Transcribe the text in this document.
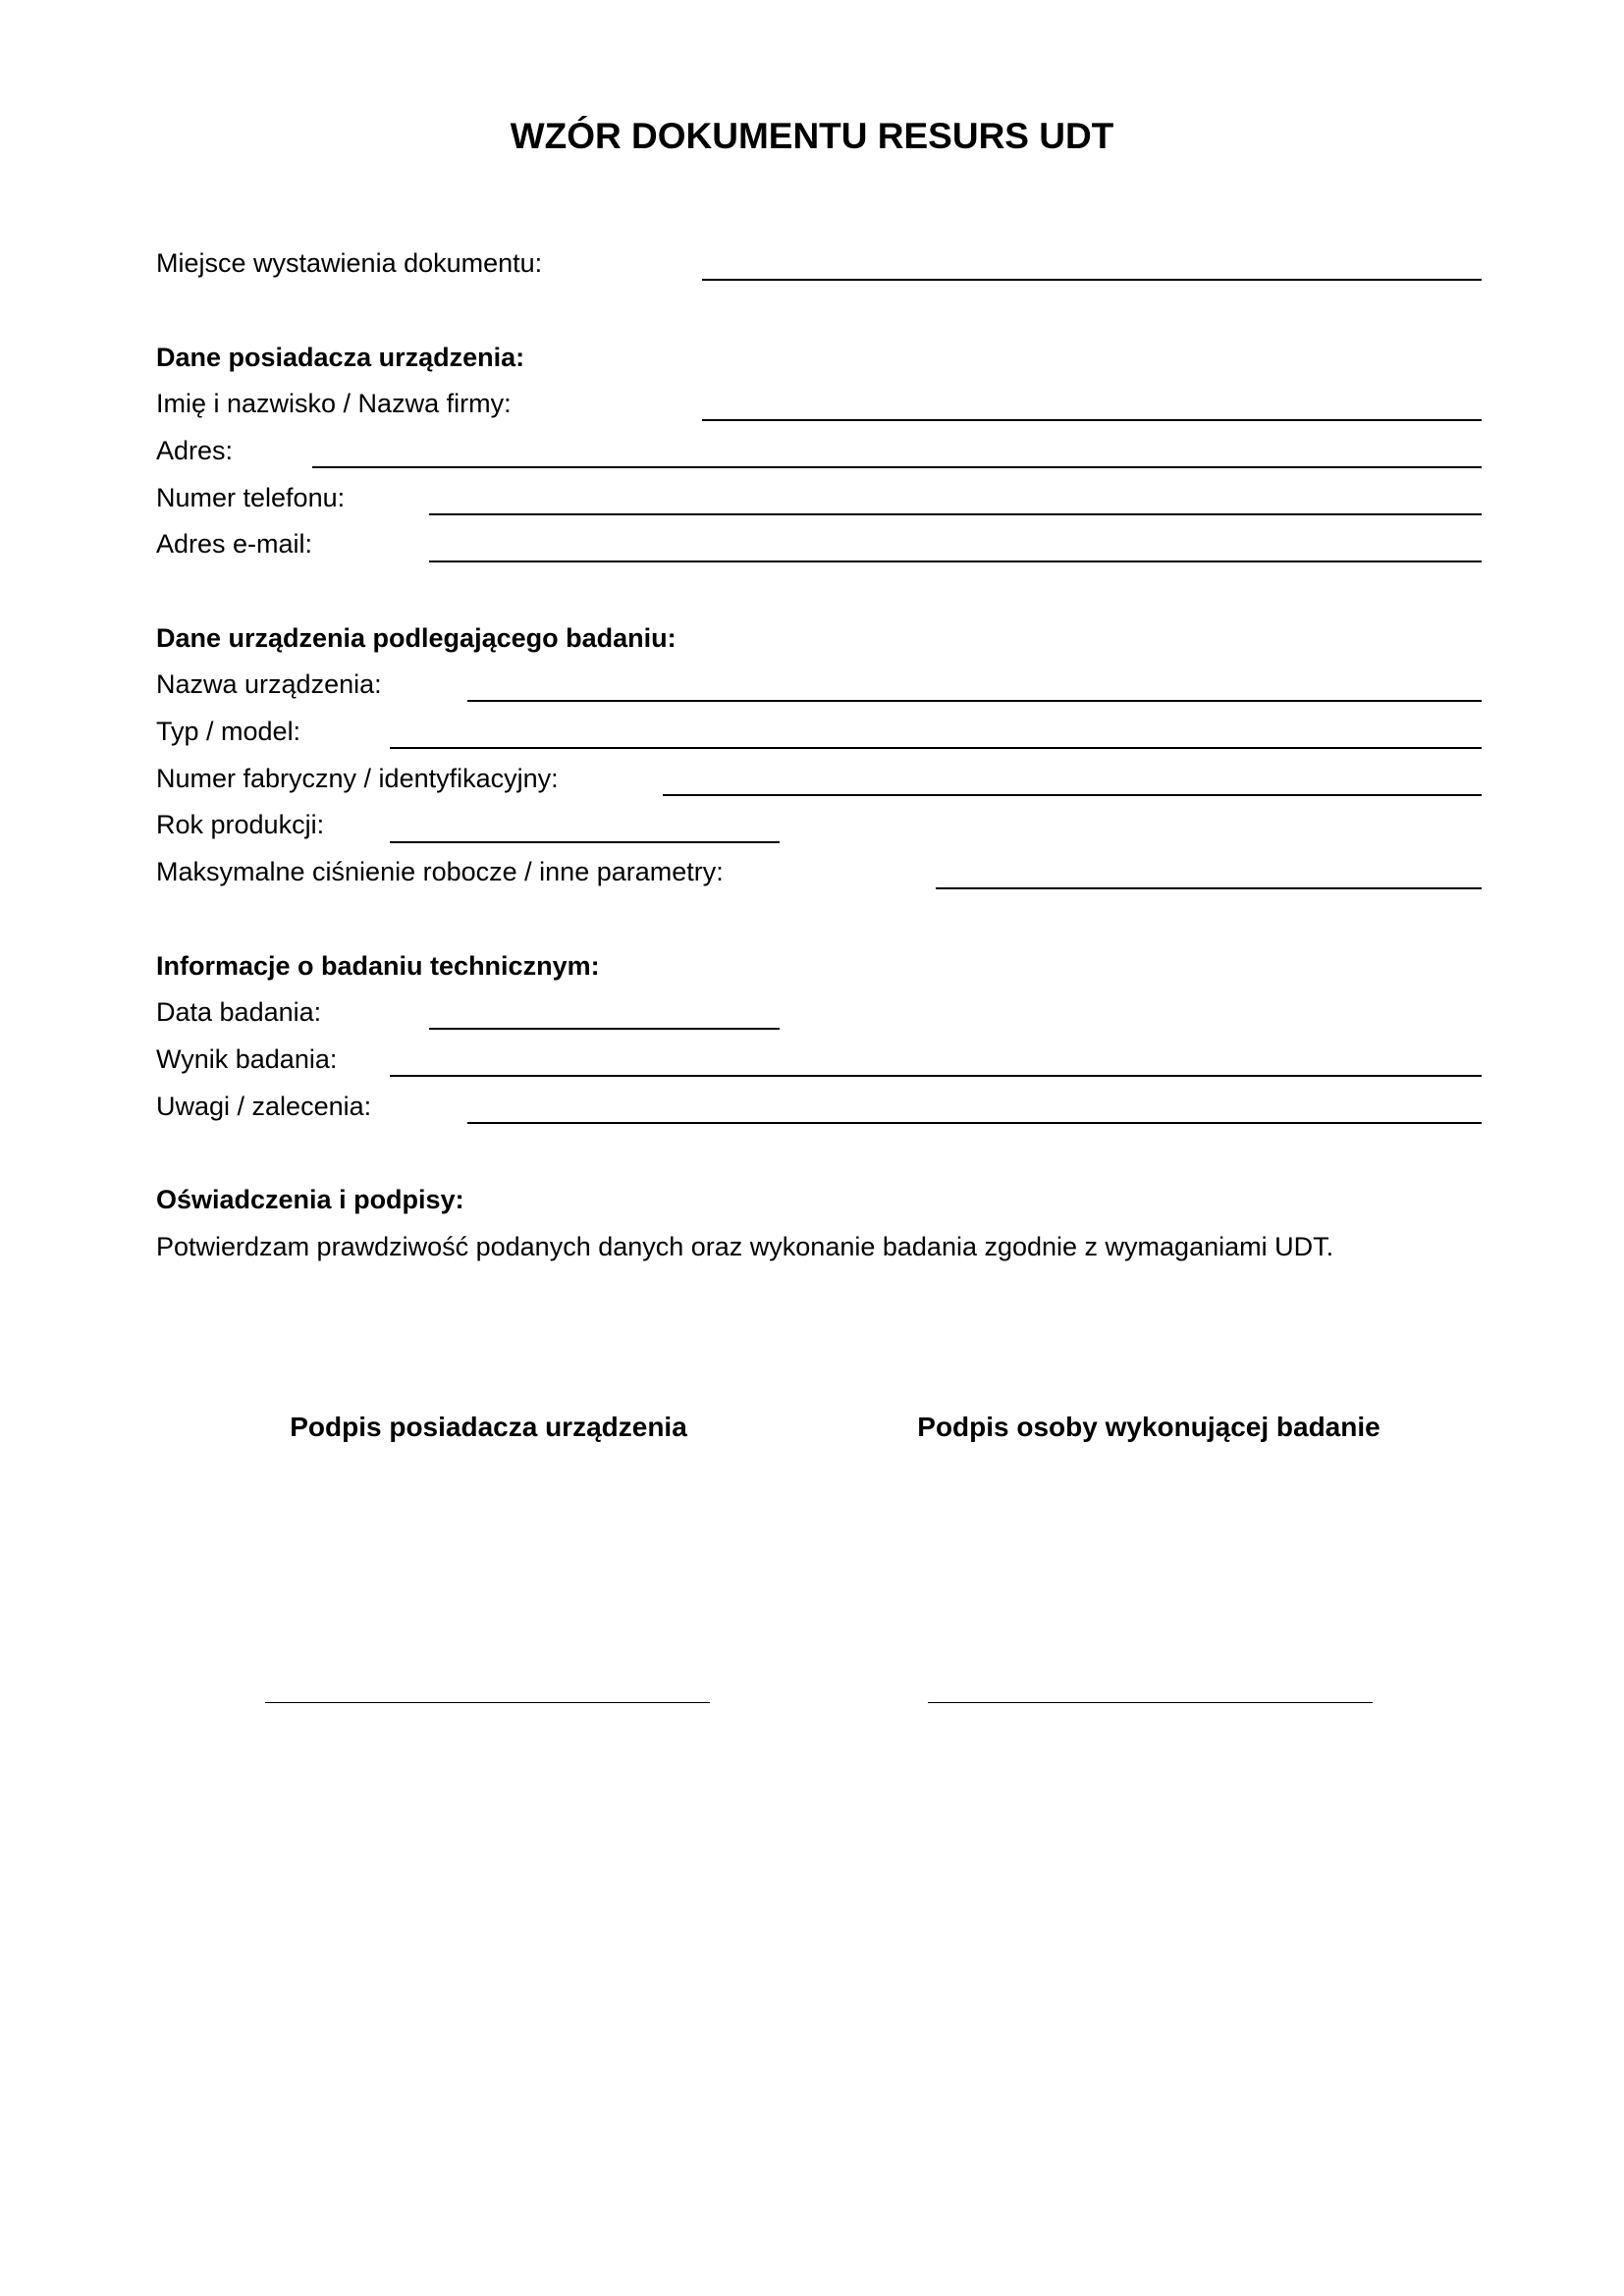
WZÓR DOKUMENTU RESURS UDT
Miejsce wystawienia dokumentu:
Dane posiadacza urządzenia:
Imię i nazwisko / Nazwa firmy:
Adres:
Numer telefonu:
Adres e-mail:
Dane urządzenia podlegającego badaniu:
Nazwa urządzenia:
Typ / model:
Numer fabryczny / identyfikacyjny:
Rok produkcji:
Maksymalne ciśnienie robocze / inne parametry:
Informacje o badaniu technicznym:
Data badania:
Wynik badania:
Uwagi / zalecenia:
Oświadczenia i podpisy:
Potwierdzam prawdziwość podanych danych oraz wykonanie badania zgodnie z wymaganiami UDT.
Podpis posiadacza urządzenia	Podpis osoby wykonującej badanie
